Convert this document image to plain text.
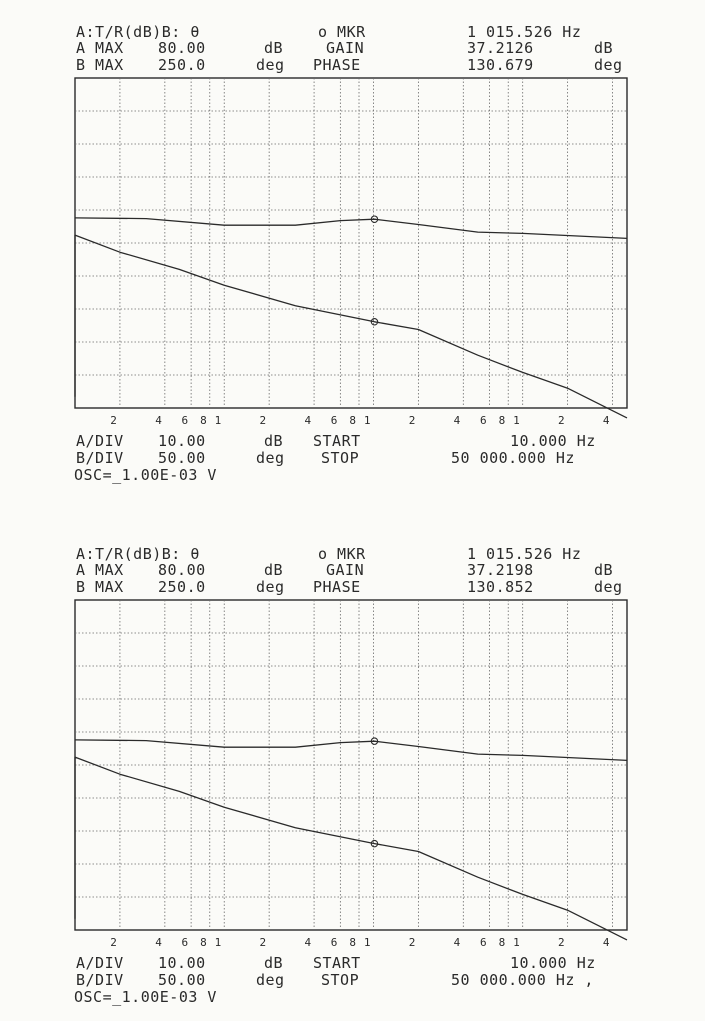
A:T/R(dB)B: θ	o MKR	1 015.526 Hz
A MAX 80.00	dB	GAIN	37.2126	dB
B MAX 250.0	deg PHASE	130.679	deg
2	4 6 8 1	2	4 6 8 1	2	4 6 8 1	2	4
A/DIV 10.00	dB START	10.000 Hz
B/DIV 50.00	deg STOP	50 000.000 Hz
OSC=_1.00E-03 V
A:T/R(dB)B: θ	o MKR	1 015.526 Hz
A MAX 80.00	dB	GAIN	37.2198	dB
B MAX 250.0	deg PHASE	130.852	deg
2	4 6 8 1	2	4 6 8 1	2	4 6 8 1	2	4
A/DIV 10.00	dB START	10.000 Hz
B/DIV 50.00	deg STOP	50 000.000 Hz ,
OSC=_1.00E-03 V
